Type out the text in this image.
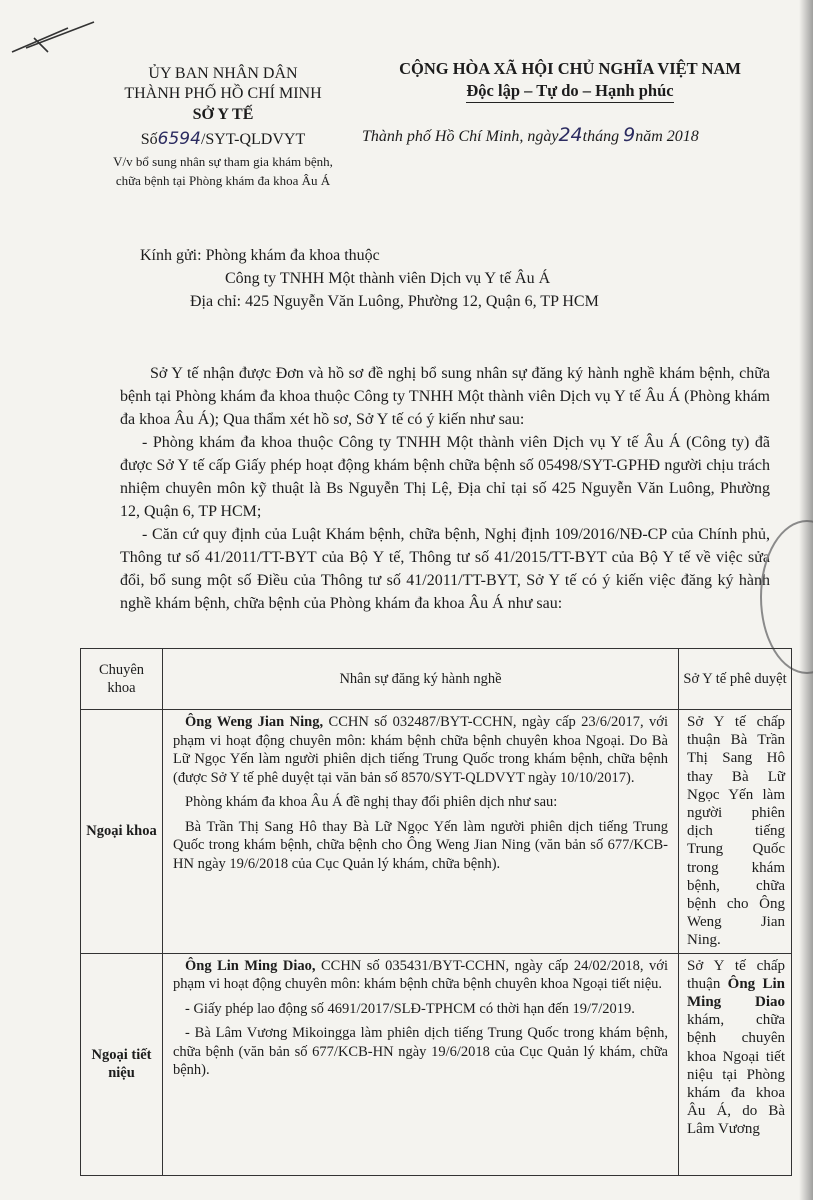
ỦY BAN NHÂN DÂN
THÀNH PHỐ HỒ CHÍ MINH
SỞ Y TẾ
Số6594/SYT-QLDVYT
V/v bổ sung nhân sự tham gia khám bệnh,
chữa bệnh tại Phòng khám đa khoa Âu Á
CỘNG HÒA XÃ HỘI CHỦ NGHĨA VIỆT NAM
Độc lập – Tự do – Hạnh phúc
Thành phố Hồ Chí Minh, ngày24tháng 9năm 2018
Kính gửi: Phòng khám đa khoa thuộc
Công ty TNHH Một thành viên Dịch vụ Y tế Âu Á
Địa chỉ: 425 Nguyễn Văn Luông, Phường 12, Quận 6, TP HCM

Sở Y tế nhận được Đơn và hồ sơ đề nghị bổ sung nhân sự đăng ký hành nghề khám bệnh, chữa bệnh tại Phòng khám đa khoa thuộc Công ty TNHH Một thành viên Dịch vụ Y tế Âu Á (Phòng khám đa khoa Âu Á); Qua thẩm xét hồ sơ, Sở Y tế có ý kiến như sau:

- Phòng khám đa khoa thuộc Công ty TNHH Một thành viên Dịch vụ Y tế Âu Á (Công ty) đã được Sở Y tế cấp Giấy phép hoạt động khám bệnh chữa bệnh số 05498/SYT-GPHĐ người chịu trách nhiệm chuyên môn kỹ thuật là Bs Nguyễn Thị Lệ, Địa chỉ tại số 425 Nguyễn Văn Luông, Phường 12, Quận 6, TP HCM;

- Căn cứ quy định của Luật Khám bệnh, chữa bệnh, Nghị định 109/2016/NĐ-CP của Chính phủ, Thông tư số 41/2011/TT-BYT của Bộ Y tế, Thông tư số 41/2015/TT-BYT của Bộ Y tế về việc sửa đổi, bổ sung một số Điều của Thông tư số 41/2011/TT-BYT, Sở Y tế có ý kiến việc đăng ký hành nghề khám bệnh, chữa bệnh của Phòng khám đa khoa Âu Á như sau:

Chuyên khoa	Nhân sự đăng ký hành nghề	Sở Y tế phê duyệt
Ngoại khoa	Ông Weng Jian Ning, CCHN số 032487/BYT-CCHN, ngày cấp 23/6/2017, với phạm vi hoạt động chuyên môn: khám bệnh chữa bệnh chuyên khoa Ngoại. Do Bà Lữ Ngọc Yến làm người phiên dịch tiếng Trung Quốc trong khám bệnh, chữa bệnh (được Sở Y tế phê duyệt tại văn bản số 8570/SYT-QLDVYT ngày 10/10/2017).

Phòng khám đa khoa Âu Á đề nghị thay đổi phiên dịch như sau:

Bà Trần Thị Sang Hô thay Bà Lữ Ngọc Yến làm người phiên dịch tiếng Trung Quốc trong khám bệnh, chữa bệnh cho Ông Weng Jian Ning (văn bản số 677/KCB-HN ngày 19/6/2018 của Cục Quản lý khám, chữa bệnh).	Sở Y tế chấp thuận Bà Trần Thị Sang Hô thay Bà Lữ Ngọc Yến làm người phiên dịch tiếng Trung Quốc trong khám bệnh, chữa bệnh cho Ông Weng Jian Ning.
Ngoại tiết niệu	Ông Lin Ming Diao, CCHN số 035431/BYT-CCHN, ngày cấp 24/02/2018, với phạm vi hoạt động chuyên môn: khám bệnh chữa bệnh chuyên khoa Ngoại tiết niệu.

- Giấy phép lao động số 4691/2017/SLĐ-TPHCM có thời hạn đến 19/7/2019.

- Bà Lâm Vương Mikoingga làm phiên dịch tiếng Trung Quốc trong khám bệnh, chữa bệnh (văn bản số 677/KCB-HN ngày 19/6/2018 của Cục Quản lý khám, chữa bệnh).	Sở Y tế chấp thuận Ông Lin Ming Diao khám, chữa bệnh chuyên khoa Ngoại tiết niệu tại Phòng khám đa khoa Âu Á, do Bà Lâm Vương
